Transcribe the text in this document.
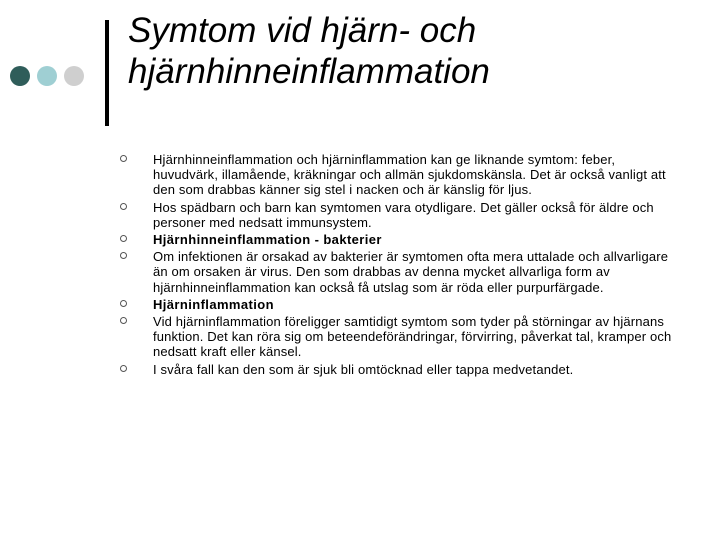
Symtom vid hjärn- och hjärnhinneinflammation
Hjärnhinneinflammation och hjärninflammation kan ge liknande symtom: feber, huvudvärk, illamående, kräkningar och allmän sjukdomskänsla. Det är också vanligt att den som drabbas känner sig stel i nacken och är känslig för ljus.
Hos spädbarn och barn kan symtomen vara otydligare. Det gäller också för äldre och personer med nedsatt immunsystem.
Hjärnhinneinflammation - bakterier
Om infektionen är orsakad av bakterier är symtomen ofta mera uttalade och allvarligare än om orsaken är virus. Den som drabbas av denna mycket allvarliga form av hjärnhinneinflammation kan också få utslag som är röda eller purpurfärgade.
Hjärninflammation
Vid hjärninflammation föreligger samtidigt symtom som tyder på störningar av hjärnans funktion. Det kan röra sig om beteendeförändringar, förvirring, påverkat tal, kramper och nedsatt kraft eller känsel.
I svåra fall kan den som är sjuk bli omtöcknad eller tappa medvetandet.
